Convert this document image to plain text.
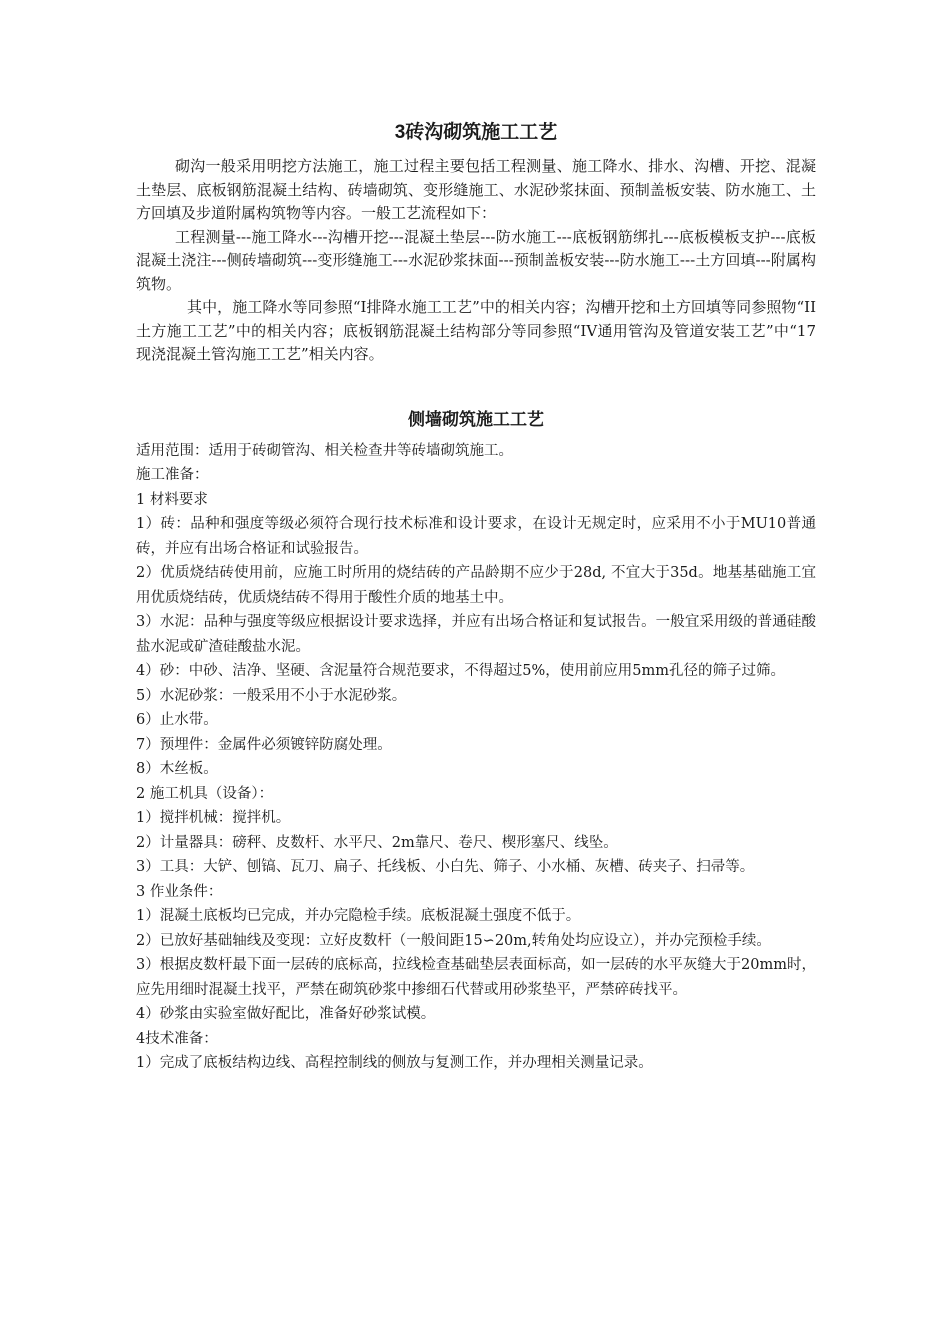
3砖沟砌筑施工工艺

砌沟一般采用明挖方法施工，施工过程主要包括工程测量、施工降水、排水、沟槽、开挖、混凝土垫层、底板钢筋混凝土结构、砖墙砌筑、变形缝施工、水泥砂浆抹面、预制盖板安装、防水施工、土方回填及步道附属构筑物等内容。一般工艺流程如下：

工程测量---施工降水---沟槽开挖---混凝土垫层---防水施工---底板钢筋绑扎---底板模板支护---底板混凝土浇注---侧砖墙砌筑---变形缝施工---水泥砂浆抹面---预制盖板安装---防水施工---土方回填---附属构筑物。

其中，施工降水等同参照“I排降水施工工艺”中的相关内容；沟槽开挖和土方回填等同参照物“II土方施工工艺”中的相关内容；底板钢筋混凝土结构部分等同参照“IV通用管沟及管道安装工艺”中“17现浇混凝土管沟施工工艺”相关内容。

侧墙砌筑施工工艺

适用范围：适用于砖砌管沟、相关检查井等砖墙砌筑施工。

施工准备：

1 材料要求

1）砖：品种和强度等级必须符合现行技术标准和设计要求，在设计无规定时，应采用不小于MU10普通砖，并应有出场合格证和试验报告。

2）优质烧结砖使用前，应施工时所用的烧结砖的产品龄期不应少于28d, 不宜大于35d。地基基础施工宜用优质烧结砖，优质烧结砖不得用于酸性介质的地基土中。

3）水泥：品种与强度等级应根据设计要求选择，并应有出场合格证和复试报告。一般宜采用级的普通硅酸盐水泥或矿渣硅酸盐水泥。

4）砂：中砂、洁净、坚硬、含泥量符合规范要求，不得超过5%，使用前应用5mm孔径的筛子过筛。

5）水泥砂浆：一般采用不小于水泥砂浆。

6）止水带。

7）预埋件：金属件必须镀锌防腐处理。

8）木丝板。

2 施工机具（设备）：

1）搅拌机械：搅拌机。

2）计量器具：磅秤、皮数杆、水平尺、2m靠尺、卷尺、楔形塞尺、线坠。

3）工具：大铲、刨镐、瓦刀、扁子、托线板、小白先、筛子、小水桶、灰槽、砖夹子、扫帚等。

3 作业条件：

1）混凝土底板均已完成，并办完隐检手续。底板混凝土强度不低于。

2）已放好基础轴线及变现：立好皮数杆（一般间距15∽20m,转角处均应设立），并办完预检手续。

3）根据皮数杆最下面一层砖的底标高，拉线检查基础垫层表面标高，如一层砖的水平灰缝大于20mm时，应先用细时混凝土找平，严禁在砌筑砂浆中掺细石代替或用砂浆垫平，严禁碎砖找平。

4）砂浆由实验室做好配比，准备好砂浆试模。

4技术准备：

1）完成了底板结构边线、高程控制线的侧放与复测工作，并办理相关测量记录。
